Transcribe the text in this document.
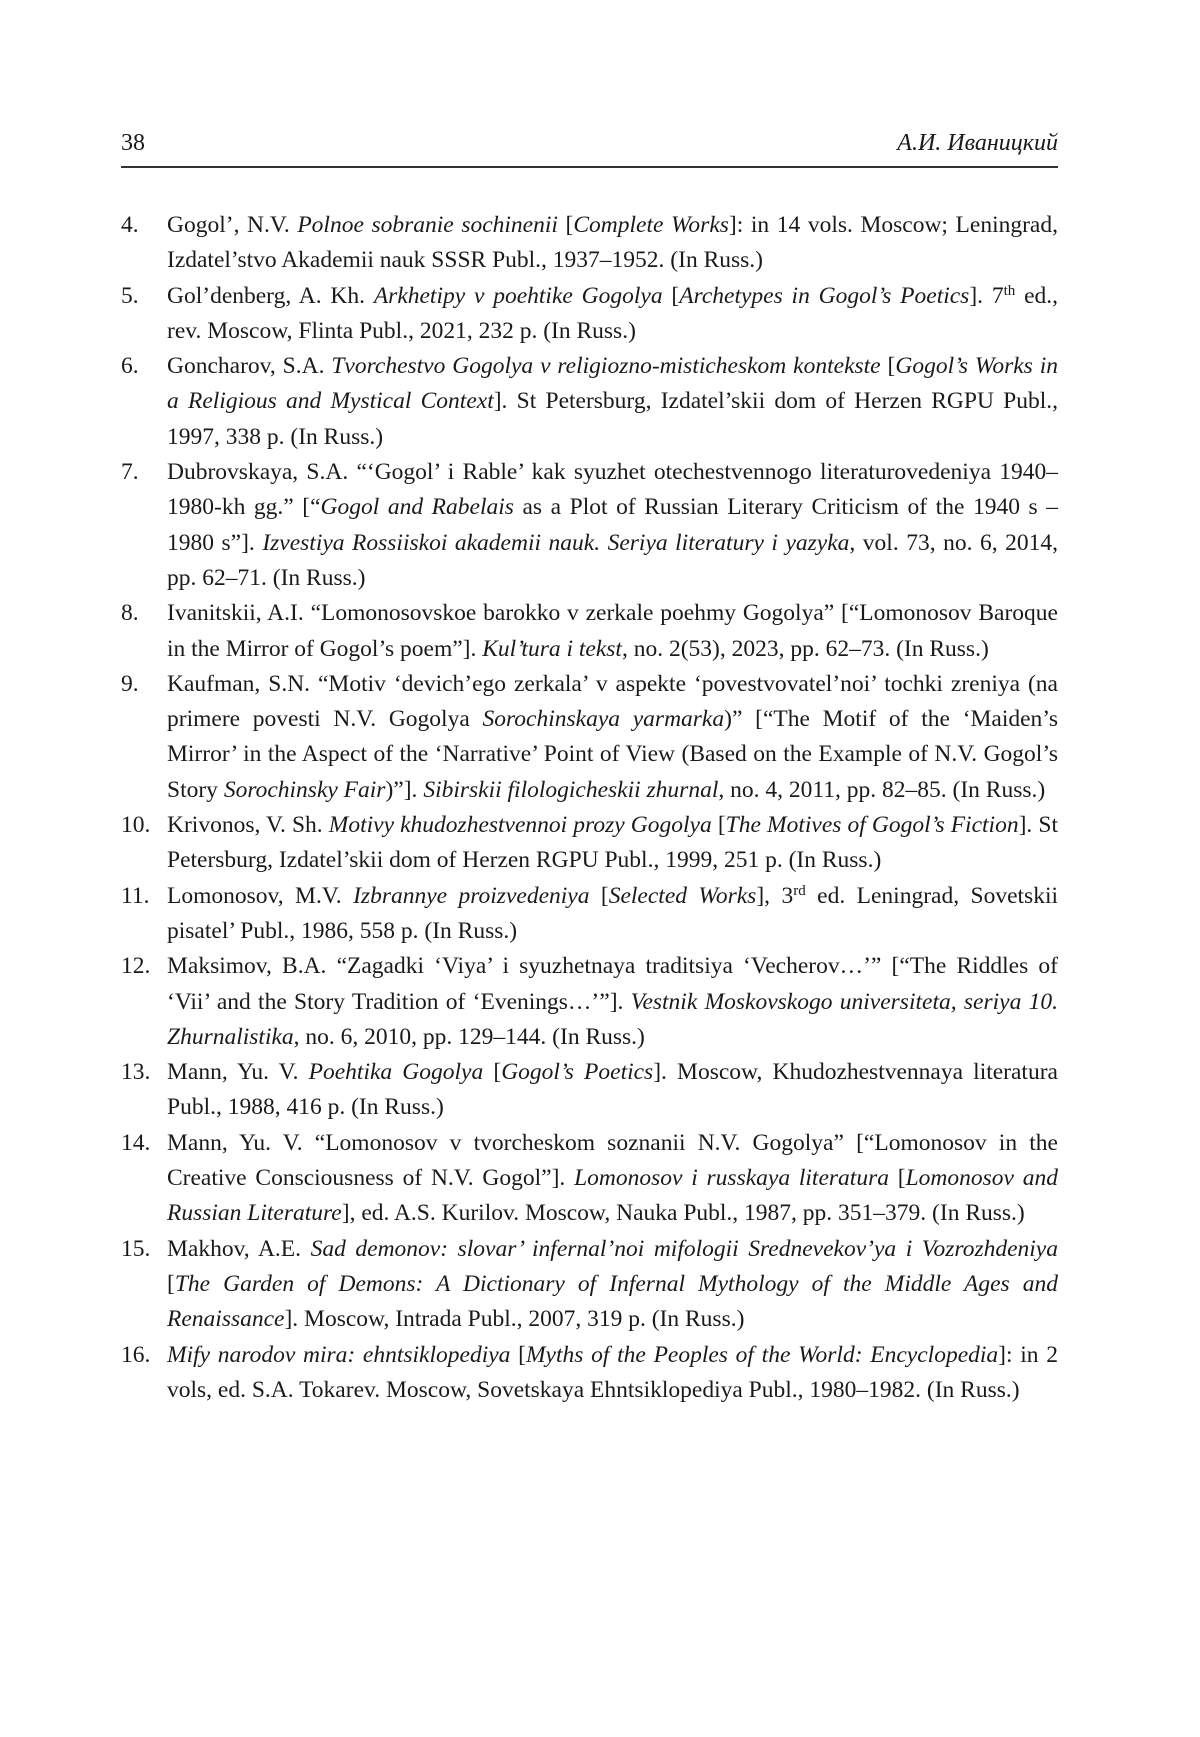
38	А.И. Иваницкий
4.	Gogol’, N.V. Polnoe sobranie sochinenii [Complete Works]: in 14 vols. Moscow; Leningrad, Izdatel’stvo Akademii nauk SSSR Publ., 1937–1952. (In Russ.)
5.	Gol’denberg, A. Kh. Arkhetipy v poehtike Gogolya [Archetypes in Gogol’s Poetics]. 7th ed., rev. Moscow, Flinta Publ., 2021, 232 p. (In Russ.)
6.	Goncharov, S.A. Tvorchestvo Gogolya v religiozno-misticheskom kontekste [Gogol’s Works in a Religious and Mystical Context]. St Petersburg, Izdatel’skii dom of Herzen RGPU Publ., 1997, 338 p. (In Russ.)
7.	Dubrovskaya, S.A. “‘Gogol’ i Rable’ kak syuzhet otechestvennogo literaturovedeniya 1940–1980-kh gg.” [“Gogol and Rabelais as a Plot of Russian Literary Criticism of the 1940 s – 1980 s”]. Izvestiya Rossiiskoi akademii nauk. Seriya literatury i yazyka, vol. 73, no. 6, 2014, pp. 62–71. (In Russ.)
8.	Ivanitskii, A.I. “Lomonosovskoe barokko v zerkale poehmy Gogolya” [“Lomonosov Baroque in the Mirror of Gogol’s poem”]. Kul’tura i tekst, no. 2(53), 2023, pp. 62–73. (In Russ.)
9.	Kaufman, S.N. “Motiv ‘devich’ego zerkala’ v aspekte ‘povestvovatel’noi’ tochki zreniya (na primere povesti N.V. Gogolya Sorochinskaya yarmarka)” [“The Motif of the ‘Maiden’s Mirror’ in the Aspect of the ‘Narrative’ Point of View (Based on the Example of N.V. Gogol’s Story Sorochinsky Fair)”]. Sibirskii filologicheskii zhurnal, no. 4, 2011, pp. 82–85. (In Russ.)
10. Krivonos, V. Sh. Motivy khudozhestvennoi prozy Gogolya [The Motives of Gogol’s Fiction]. St Petersburg, Izdatel’skii dom of Herzen RGPU Publ., 1999, 251 p. (In Russ.)
11. Lomonosov, M.V. Izbrannye proizvedeniya [Selected Works], 3rd ed. Leningrad, Sovetskii pisatel’ Publ., 1986, 558 p. (In Russ.)
12. Maksimov, B.A. “Zagadki ‘Viya’ i syuzhetnaya traditsiya ‘Vecherov…’” [“The Riddles of ‘Vii’ and the Story Tradition of ‘Evenings…’”]. Vestnik Moskovskogo universiteta, seriya 10. Zhurnalistika, no. 6, 2010, pp. 129–144. (In Russ.)
13. Mann, Yu. V. Poehtika Gogolya [Gogol’s Poetics]. Moscow, Khudozhestvennaya literatura Publ., 1988, 416 p. (In Russ.)
14. Mann, Yu. V. “Lomonosov v tvorcheskom soznanii N.V. Gogolya” [“Lomonosov in the Creative Consciousness of N.V. Gogol”]. Lomonosov i russkaya literatura [Lomonosov and Russian Literature], ed. A.S. Kurilov. Moscow, Nauka Publ., 1987, pp. 351–379. (In Russ.)
15. Makhov, A.E. Sad demonov: slovar’ infernal’noi mifologii Srednevekov’ya i Vozrozhdeniya [The Garden of Demons: A Dictionary of Infernal Mythology of the Middle Ages and Renaissance]. Moscow, Intrada Publ., 2007, 319 p. (In Russ.)
16. Mify narodov mira: ehntsiklopediya [Myths of the Peoples of the World: Encyclopedia]: in 2 vols, ed. S.A. Tokarev. Moscow, Sovetskaya Ehntsiklopediya Publ., 1980–1982. (In Russ.)
